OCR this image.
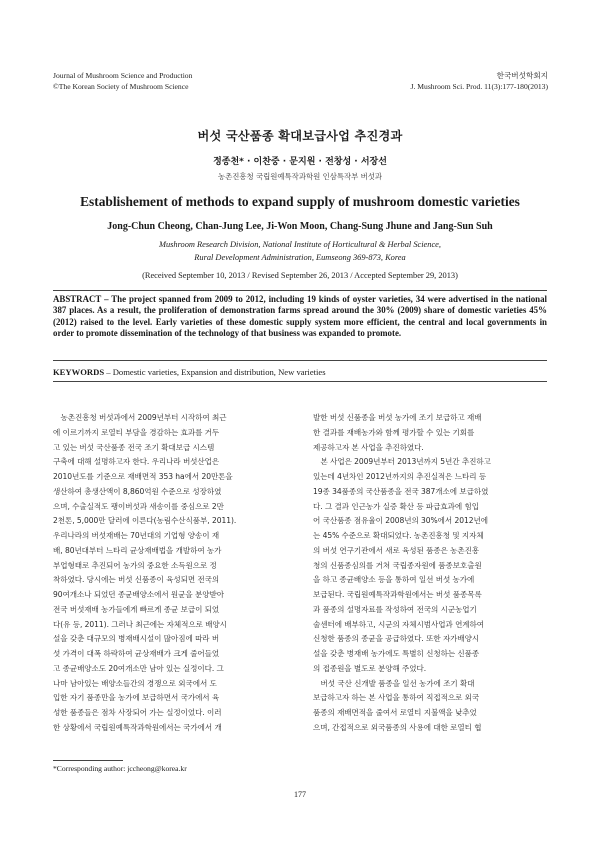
Journal of Mushroom Science and Production
©The Korean Society of Mushroom Science
한국버섯학회지
J. Mushroom Sci. Prod. 11(3):177-180(2013)
버섯 국산품종 확대보급사업 추진경과
정종천* · 이찬중 · 문지원 · 전창성 · 서장선
농촌진흥청 국립원예특작과학원 인삼특작부 버섯과
Establishement of methods to expand supply of mushroom domestic varieties
Jong-Chun Cheong, Chan-Jung Lee, Ji-Won Moon, Chang-Sung Jhune and Jang-Sun Suh
Mushroom Research Division, National Institute of Horticultural & Herbal Science,
Rural Development Administration, Eumseong 369-873, Korea
(Received September 10, 2013 / Revised September 26, 2013 / Accepted September 29, 2013)
ABSTRACT – The project spanned from 2009 to 2012, including 19 kinds of oyster varieties, 34 were advertised in the national 387 places. As a result, the proliferation of demonstration farms spread around the 30% (2009) share of domestic varieties 45% (2012) raised to the level. Early varieties of these domestic supply system more efficient, the central and local governments in order to promote dissemination of the technology of that business was expanded to promote.
KEYWORDS – Domestic varieties, Expansion and distribution, New varieties
　농촌진흥청 버섯과에서 2009년부터 시작하여 최근
에 이르기까지 로열티 부담을 경감하는 효과를 거두
고 있는 버섯 국산품종 전국 조기 확대보급 시스템
구축에 대해 설명하고자 한다. 우리나라 버섯산업은
2010년도를 기준으로 재배면적 353 ha에서 20만톤을
생산하여 총생산액이 8,860억원 수준으로 성장하였
으며, 수출실적도 팽이버섯과 새송이를 중심으로 2만
2천톤, 5,000만 달러에 이른다(농림수산식품부, 2011).
우리나라의 버섯재배는 70년대의 기업형 양송이 재
배, 80년대부터 느타리 균상재배법을 개발하여 농가
부업형태로 추진되어 농가의 중요한 소득원으로 정
착하였다. 당시에는 버섯 신품종이 육성되면 전국의
90여개소나 되었던 종균배양소에서 원균을 분양받아
전국 버섯재배 농가들에게 빠르게 종균 보급이 되었
다(유 등, 2011). 그러나 최근에는 자체적으로 배양시
설을 갖춘 대규모의 병재배시설이 많아짐에 따라 버
섯 가격이 대폭 하락하여 균상재배가 크게 줄어들었
고 종균배양소도 20여개소만 남아 있는 실정이다. 그
나마 남아있는 배양소들간의 경쟁으로 외국에서 도
입한 자기 품종만을 농가에 보급하면서 국가에서 육
성한 품종들은 점차 사장되어 가는 실정이었다. 이러
한 상황에서 국립원예특작과학원에서는 국가에서 개
발한 버섯 신품종을 버섯 농가에 조기 보급하고 재배
한 결과를 재배농가와 함께 평가할 수 있는 기회를
제공하고자 본 사업을 추진하였다.
　본 사업은 2009년부터 2013년까지 5년간 추진하고
있는데 4년차인 2012년까지의 추진실적은 느타리 등
19종 34품종의 국산품종을 전국 387개소에 보급하였
다. 그 결과 인근농가 실증 확산 등 파급효과에 힘입
어 국산품종 점유율이 2008년의 30%에서 2012년에
는 45% 수준으로 확대되었다. 농촌진흥청 및 지자체
의 버섯 연구기관에서 새로 육성된 품종은 농촌진흥
청의 신품종심의를 거쳐 국립종자원에 품종보호출원
을 하고 종균배양소 등을 통하여 일선 버섯 농가에
보급된다. 국립원예특작과학원에서는 버섯 품종목록
과 품종의 설명자료를 작성하여 전국의 시군농업기
술센터에 배부하고, 시군의 자체시범사업과 연계하여
신청한 품종의 종균을 공급하였다. 또한 자가배양시
설을 갖춘 병재배 농가에도 특별히 신청하는 신품종
의 접종원을 별도로 분양해 주었다.
　버섯 국산 신개발 품종을 일선 농가에 조기 확대
보급하고자 하는 본 사업을 통하여 직접적으로 외국
품종의 재배면적을 줄여서 로열티 지불액을 낮추었
으며, 간접적으로 외국품종의 사용에 대한 로열티 협
*Corresponding author: jccheong@korea.kr
177
